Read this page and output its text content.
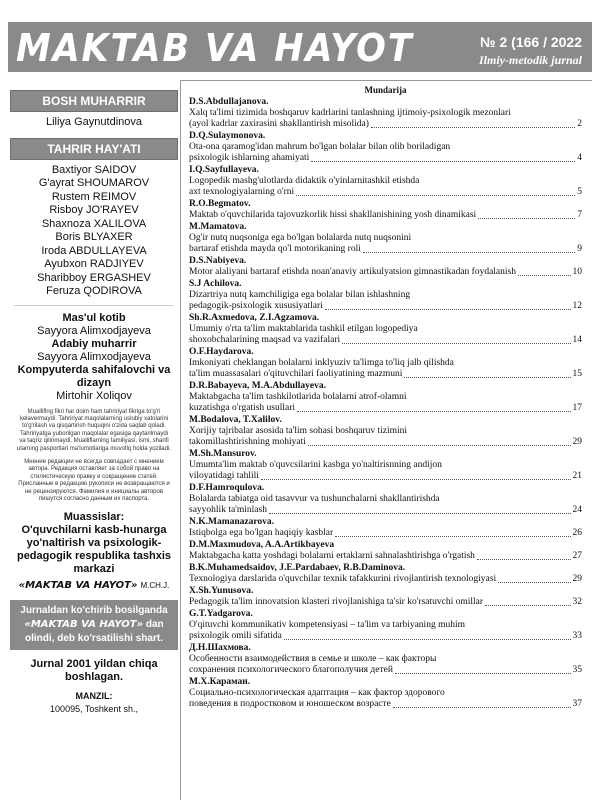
MAKTAB VA HAYOT	№ 2 (166 / 2022
Ilmiy-metodik jurnal
BOSH MUHARRIR
Liliya Gaynutdinova
TAHRIR HAY'ATI
Baxtiyor SAIDOV
G'ayrat SHOUMAROV
Rustem REIMOV
Risboy JO'RAYEV
Shaxnoza XALILOVA
Boris BLYAXER
Iroda ABDULLAYEVA
Ayubxon RADJIYEV
Sharibboy ERGASHEV
Feruza QODIROVA
Mas'ul kotib
Sayyora Alimxodjayeva
Adabiy muharrir
Sayyora Alimxodjayeva
Kompyuterda sahifalovchi va dizayn
Mirtohir Xoliqov
Mualliflng fikri har doim ham tahririyat fikriga to'g'ri kelavermaydi. Tahririyat maqolalarning uslubiy xatolarini to'g'rilash va qisqartirish huquqini o'zida saqlab qoladi. Tahririyatga yuborilgan maqolalar egasiga qaytarilmaydi va taqriz qilinmaydi. Mualliflarning familiyasi, ismi, sharifi ularning pasportlari ma'lumotlariga muvofiq holda yoziladi.
Мнение редакции не всегда совпадает с мнением автора. Редакция оставляет за собой право на стилистическую правку и сокращение статей. Присланные в редакцию рукописи не возвращаются и не рецензируются. Фамилия и инициалы авторов пишутся согласно данным их паспорта.
Muassislar:
O'quvchilarni kasb-hunarga yo'naltirish va psixologik-pedagogik respublika tashxis markazi
«MAKTAB VA HAYOT» M.CH.J.
Jurnaldan ko'chirib bosilganda
«MAKTAB VA HAYOT» dan olindi, deb ko'rsatilishi shart.
Jurnal 2001 yildan chiqa boshlagan.
MANZIL:
100095, Toshkent sh.,
Mundarija
D.S.Abdullajanova.
Xalq ta'limi tizimida boshqaruv kadrlarini tanlashning ijtimoiy-psixologik mezonlari
(ayol kadrlar zaxirasini shakllantirish misolida)	2
D.Q.Sulaymonova.
Ota-ona qaramog'idan mahrum bo'lgan bolalar bilan olib boriladigan
psixologik ishlarning ahamiyati	4
I.Q.Sayfullayeva.
Logopedik mashg'ulotlarda didaktik o'yinlarnitashkil etishda
axt texnologiyalarning o'rni	5
R.O.Begmatov.
Maktab o'quvchilarida tajovuzkorlik hissi shakllanishining yosh dinamikasi	7
M.Mamatova.
Og'ir nutq nuqsoniga ega bo'lgan bolalarda nutq nuqsonini
bartaraf etishda mayda qo'l motorikaning roli	9
D.S.Nabiyeva.
Motor alaliyani bartaraf etishda noan'anaviy artikulyatsion gimnastikadan foydalanish	10
S.J Achilova.
Dizartriya nutq kamchiligiga ega bolalar bilan ishlashning
pedagogik-psixologik xususiyatlari	12
Sh.R.Axmedova, Z.I.Agzamova.
Umumiy o'rta ta'lim maktablarida tashkil etilgan logopediya
shoxobchalarining maqsad va vazifalari	14
O.F.Haydarova.
Imkoniyati cheklangan bolalarni inklyuziv ta'limga to'liq jalb qilishda
ta'lim muassasalari o'qituvchilari faoliyatining mazmuni	15
D.R.Babayeva, M.A.Abdullayeva.
Maktabgacha ta'lim tashkilotlarida bolalarni atrof-olamni
kuzatishga o'rgatish usullari	17
M.Bodalova, T.Xalilov.
Xorijiy tajribalar asosida ta'lim sohasi boshqaruv tizimini
takomillashtirishning mohiyati	29
M.Sh.Mansurov.
Umumta'lim maktab o'quvcsilarini kasbga yo'naltirisnning andijon
viloyatidagi tahlili	21
D.F.Hamroqulova.
Bolalarda tabiatga oid tasavvur va tushunchalarni shakllantirishda
sayyohlik ta'minlash	24
N.K.Mamanazarova.
Istiqbolga ega bo'lgan haqiqiy kasblar	26
D.M.Maxmudova, A.A.Artikbayeva
Maktabgacha katta yoshdagi bolalarni ertaklarni sahnalashtirishga o'rgatish	27
B.K.Muhamedsaidov, J.E.Pardabaev, R.B.Daminova.
Texnologiya darslarida o'quvchilar texnik tafakkurini rivojlantirish texnologiyasi	29
X.Sh.Yunusova.
Pedagogik ta'lim innovatsion klasteri rivojlanishiga ta'sir ko'rsatuvchi omillar	32
G.T.Yadgarova.
O'qituvchi kommunikativ kompetensiyasi – ta'lim va tarbiyaning muhim
psixologik omili sifatida	33
Д.Н.Шахмова.
Особенности взаимодействия в семье и школе – как факторы
сохранения психологического благополучия детей	35
М.Х.Караман.
Социально-психологическая адаптация – как фактор здорового
поведения в подростковом и юношеском возрасте	37
